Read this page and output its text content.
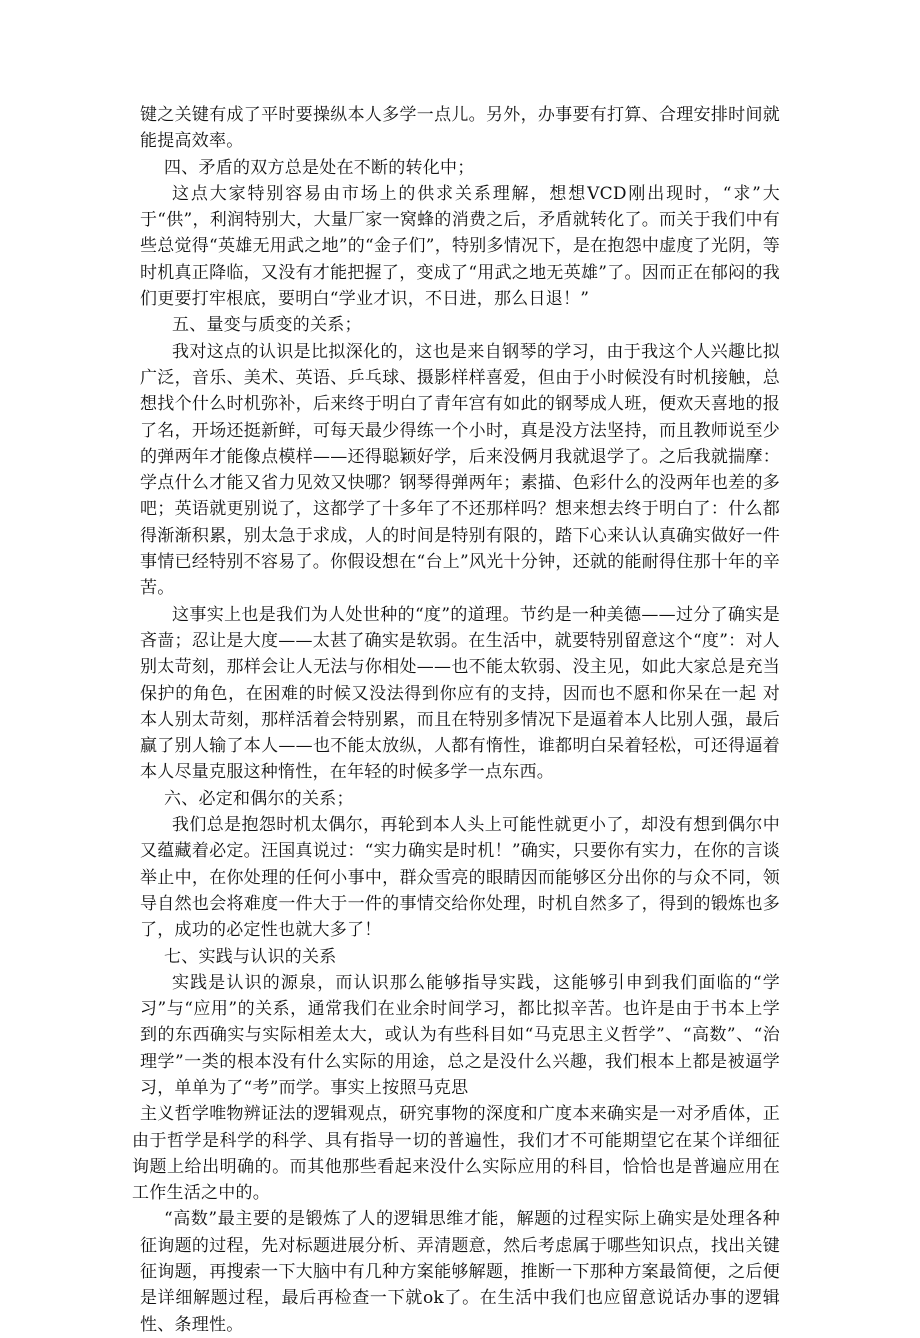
键之关键有成了平时要操纵本人多学一点儿。另外，办事要有打算、合理安排时间就能提高效率。

四、矛盾的双方总是处在不断的转化中；

这点大家特别容易由市场上的供求关系理解，想想VCD刚出现时，“求”大于“供”，利润特别大，大量厂家一窝蜂的消费之后，矛盾就转化了。而关于我们中有些总觉得“英雄无用武之地”的“金子们”，特别多情况下，是在抱怨中虚度了光阴，等时机真正降临，又没有才能把握了，变成了“用武之地无英雄”了。因而正在郁闷的我们更要打牢根底，要明白“学业才识，不日进，那么日退！”

五、量变与质变的关系；

我对这点的认识是比拟深化的，这也是来自钢琴的学习，由于我这个人兴趣比拟广泛，音乐、美术、英语、乒乓球、摄影样样喜爱，但由于小时候没有时机接触，总想找个什么时机弥补，后来终于明白了青年宫有如此的钢琴成人班，便欢天喜地的报了名，开场还挺新鲜，可每天最少得练一个小时，真是没方法坚持，而且教师说至少的弹两年才能像点模样——还得聪颖好学，后来没俩月我就退学了。之后我就揣摩：学点什么才能又省力见效又快哪？钢琴得弹两年；素描、色彩什么的没两年也差的多吧；英语就更别说了，这都学了十多年了不还那样吗？想来想去终于明白了：什么都得渐渐积累，别太急于求成，人的时间是特别有限的，踏下心来认认真确实做好一件事情已经特别不容易了。你假设想在“台上”风光十分钟，还就的能耐得住那十年的辛苦。

这事实上也是我们为人处世种的“度”的道理。节约是一种美德——过分了确实是吝啬；忍让是大度——太甚了确实是软弱。在生活中，就要特别留意这个“度”：对人别太苛刻，那样会让人无法与你相处——也不能太软弱、没主见，如此大家总是充当保护的角色，在困难的时候又没法得到你应有的支持，因而也不愿和你呆在一起 对本人别太苛刻，那样活着会特别累，而且在特别多情况下是逼着本人比别人强，最后赢了别人输了本人——也不能太放纵，人都有惰性，谁都明白呆着轻松，可还得逼着本人尽量克服这种惰性，在年轻的时候多学一点东西。

六、必定和偶尔的关系；

我们总是抱怨时机太偶尔，再轮到本人头上可能性就更小了，却没有想到偶尔中又蕴藏着必定。汪国真说过：“实力确实是时机！”确实，只要你有实力，在你的言谈举止中，在你处理的任何小事中，群众雪亮的眼睛因而能够区分出你的与众不同，领导自然也会将难度一件大于一件的事情交给你处理，时机自然多了，得到的锻炼也多了，成功的必定性也就大多了！

七、实践与认识的关系

实践是认识的源泉，而认识那么能够指导实践，这能够引申到我们面临的“学习”与“应用”的关系，通常我们在业余时间学习，都比拟辛苦。也许是由于书本上学到的东西确实与实际相差太大，或认为有些科目如“马克思主义哲学”、“高数”、“治理学”一类的根本没有什么实际的用途，总之是没什么兴趣，我们根本上都是被逼学习，单单为了“考”而学。事实上按照马克思

主义哲学唯物辨证法的逻辑观点，研究事物的深度和广度本来确实是一对矛盾体，正由于哲学是科学的科学、具有指导一切的普遍性，我们才不可能期望它在某个详细征询题上给出明确的。而其他那些看起来没什么实际应用的科目，恰恰也是普遍应用在工作生活之中的。

“高数”最主要的是锻炼了人的逻辑思维才能，解题的过程实际上确实是处理各种征询题的过程，先对标题进展分析、弄清题意，然后考虑属于哪些知识点，找出关键征询题，再搜索一下大脑中有几种方案能够解题，推断一下那种方案最简便，之后便是详细解题过程，最后再检查一下就ok了。在生活中我们也应留意说话办事的逻辑性、条理性。
